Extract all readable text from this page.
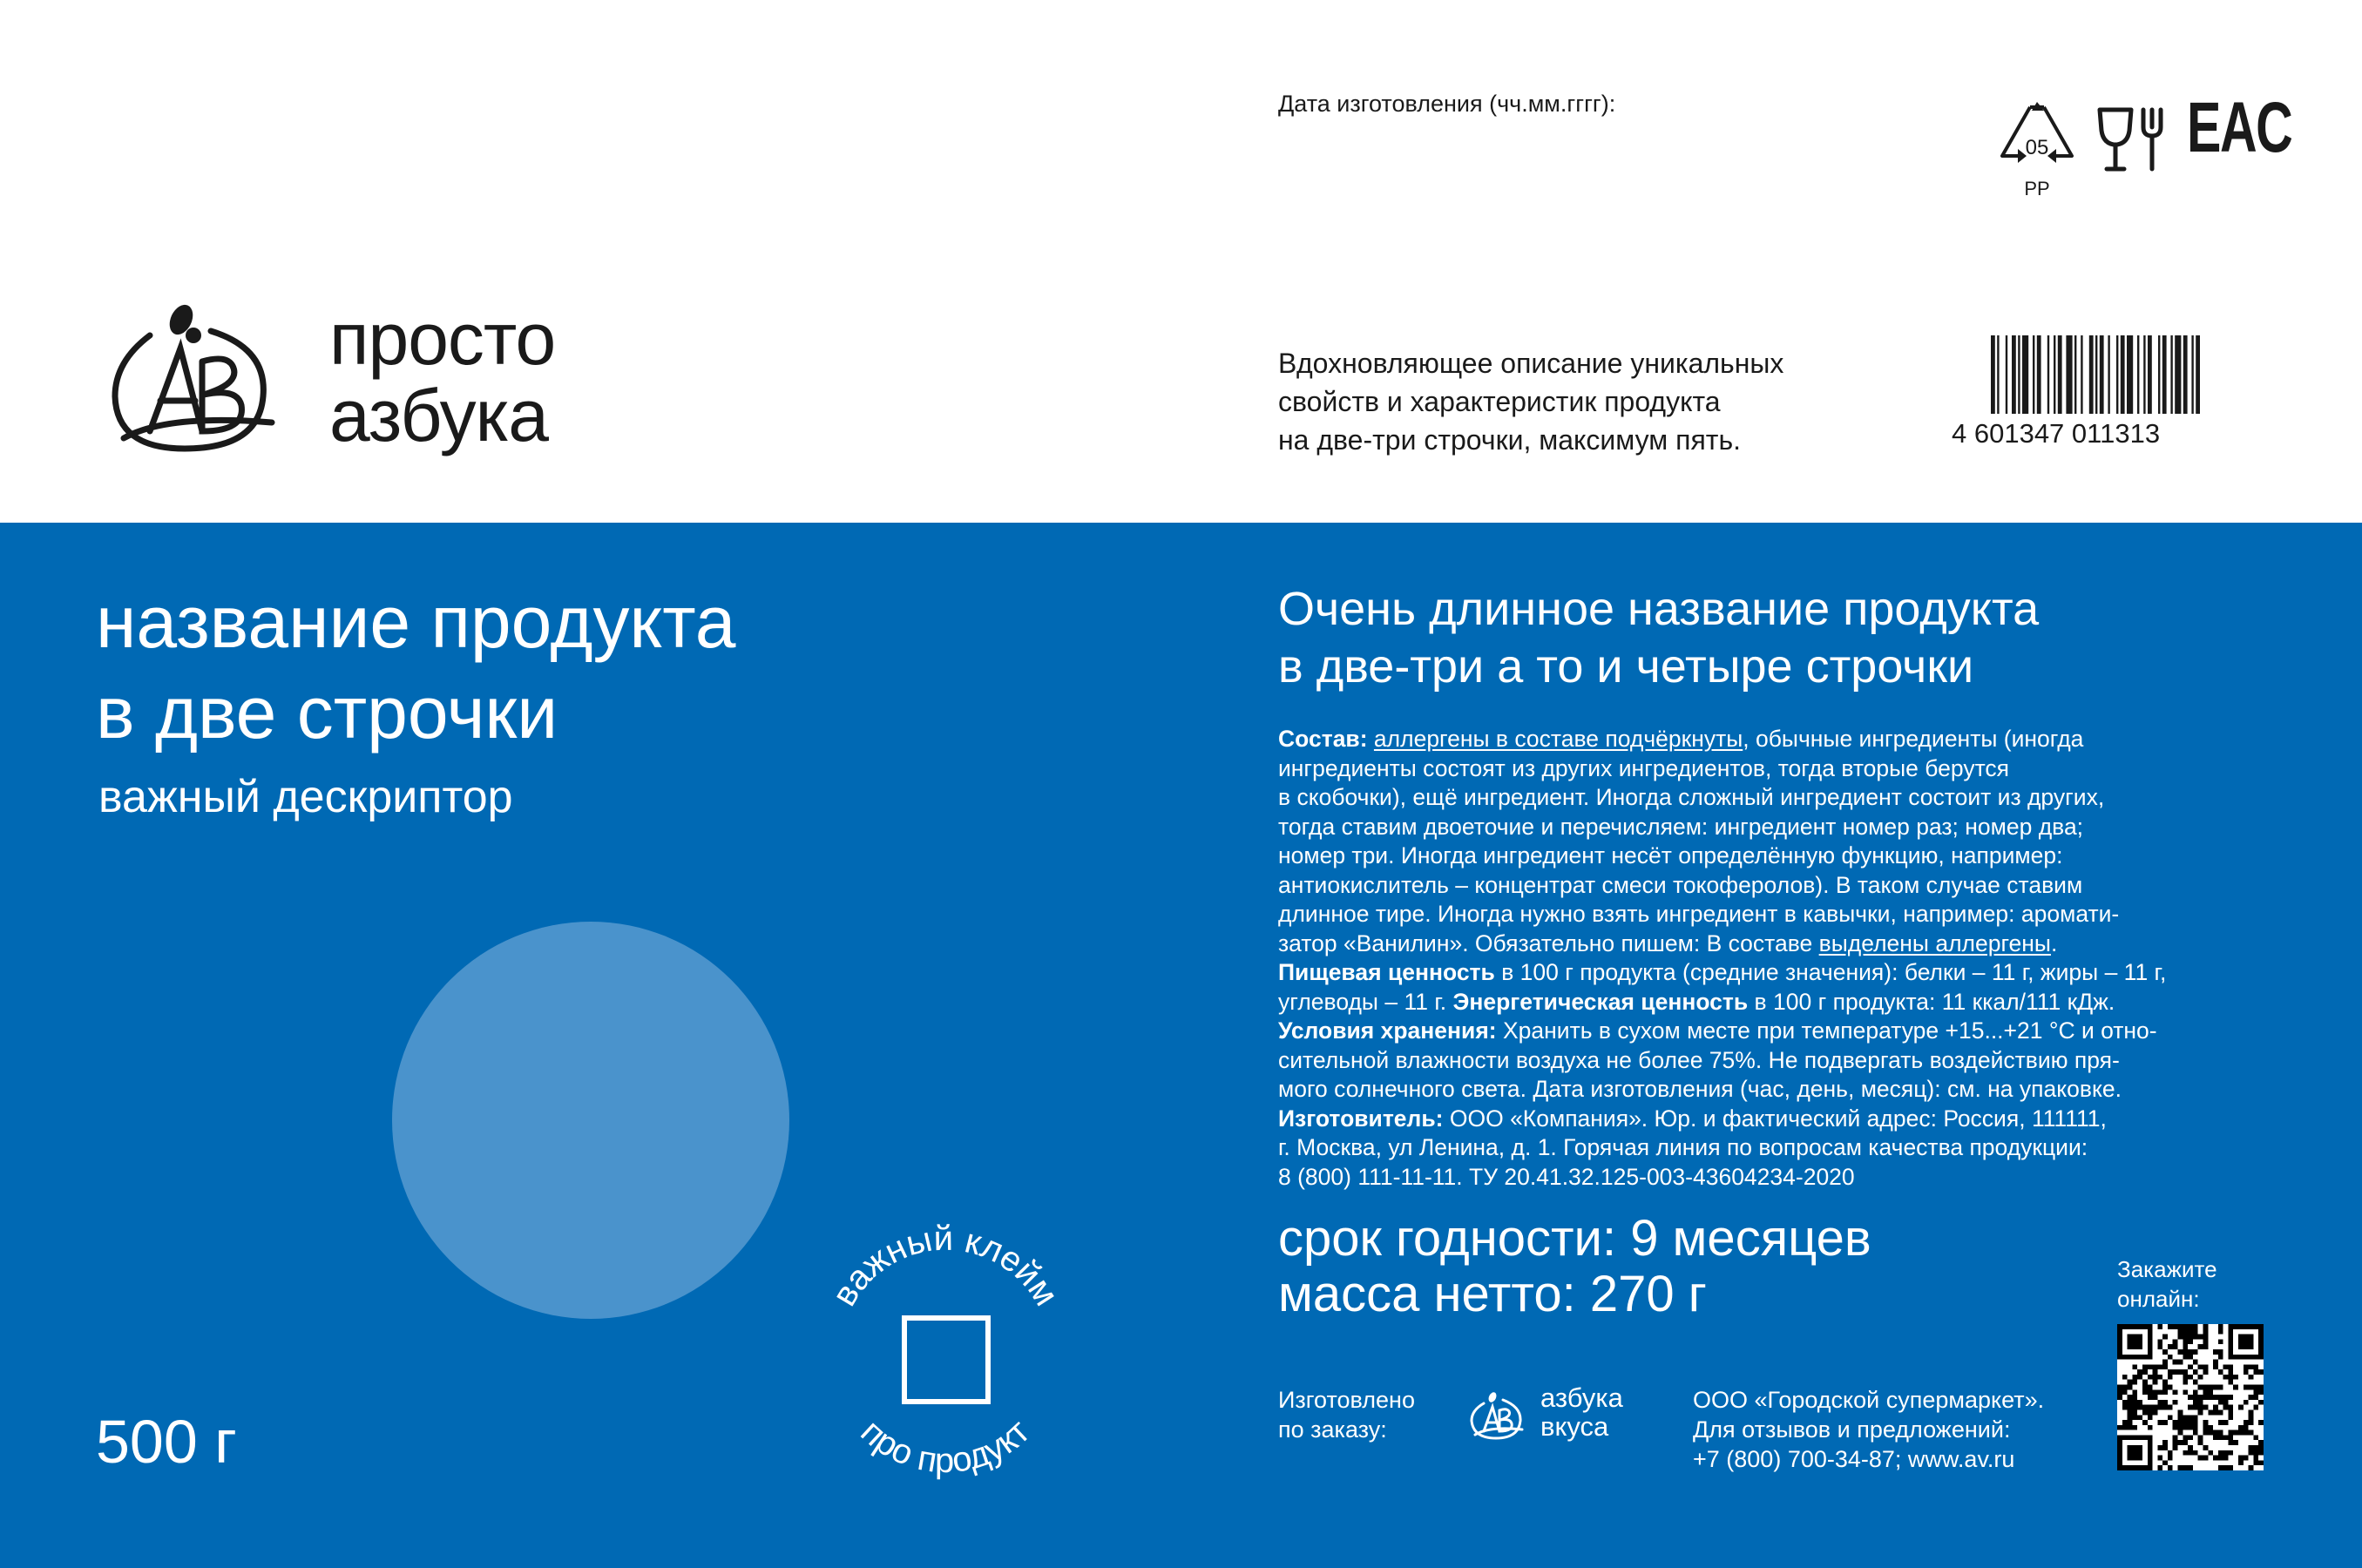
Дата изготовления (чч.мм.гггг):
05
PP
EAC
просто
азбука
Вдохновляющее описание уникальных
свойств и характеристик продукта
на две-три строчки, максимум пять.	4 601347 011313
название продукта
в две строчки
важный дескриптор
важный клейм
про продукт
500 г
Очень длинное название продукта
в две-три а то и четыре строчки
Состав: аллергены в составе подчёркнуты, обычные ингредиенты (иногда
ингредиенты состоят из других ингредиентов, тогда вторые берутся
в скобочки), ещё ингредиент. Иногда сложный ингредиент состоит из других,
тогда ставим двоеточие и перечисляем: ингредиент номер раз; номер два;
номер три. Иногда ингредиент несёт определённую функцию, например:
антиокислитель – концентрат смеси токоферолов). В таком случае ставим
длинное тире. Иногда нужно взять ингредиент в кавычки, например: аромати-
затор «Ванилин». Обязательно пишем: В составе выделены аллергены.
Пищевая ценность в 100 г продукта (средние значения): белки – 11 г, жиры – 11 г,
углеводы – 11 г. Энергетическая ценность в 100 г продукта: 11 ккал/111 кДж.
Условия хранения: Хранить в сухом месте при температуре +15...+21 °С и отно-
сительной влажности воздуха не более 75%. Не подвергать воздействию пря-
мого солнечного света. Дата изготовления (час, день, месяц): см. на упаковке.
Изготовитель: ООО «Компания». Юр. и фактический адрес: Россия, 111111,
г. Москва, ул Ленина, д. 1. Горячая линия по вопросам качества продукции:
8 (800) 111-11-11. ТУ 20.41.32.125-003-43604234-2020
срок годности: 9 месяцев
масса нетто: 270 г
Изготовлено
по заказу:
азбука
вкуса
ООО «Городской супермаркет».
Для отзывов и предложений:
+7 (800) 700-34-87; www.av.ru
Закажите
онлайн:
